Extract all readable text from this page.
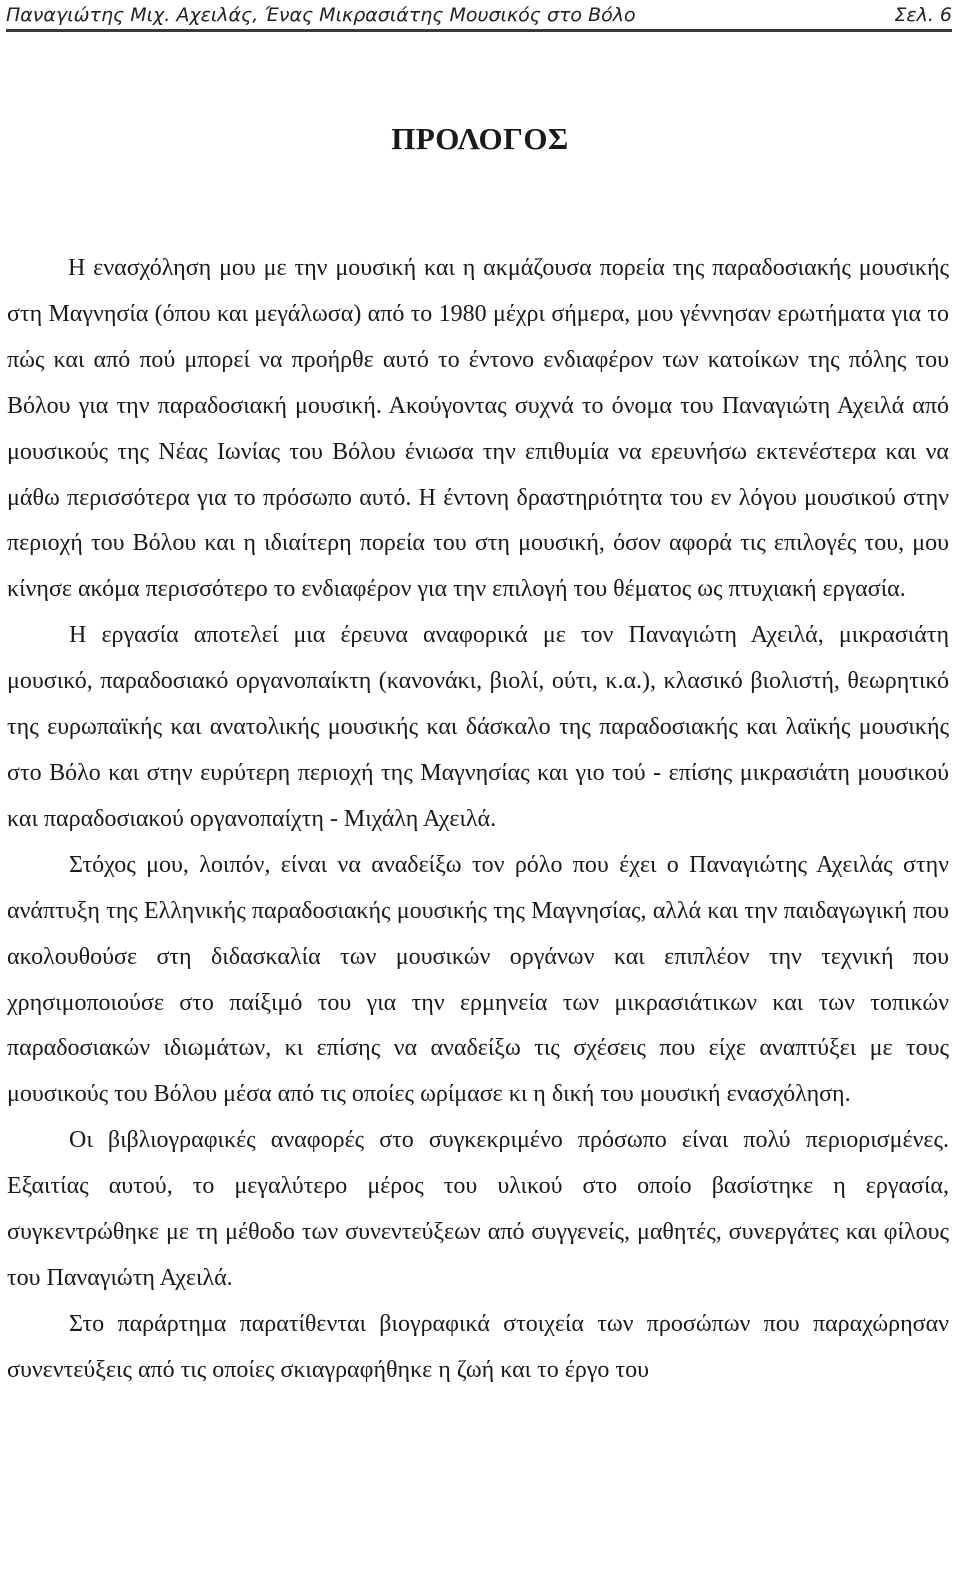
Παναγιώτης Μιχ. Αχειλάς, Ένας Μικρασιάτης Μουσικός στο Βόλο	Σελ. 6
ΠΡΟΛΟΓΟΣ

Η ενασχόληση μου με την μουσική και η ακμάζουσα πορεία της παραδοσιακής μουσικής στη Μαγνησία (όπου και μεγάλωσα) από το 1980 μέχρι σήμερα, μου γέννησαν ερωτήματα για το πώς και από πού μπορεί να προήρθε αυτό το έντονο ενδιαφέρον των κατοίκων της πόλης του Βόλου για την παραδοσιακή μουσική. Ακούγοντας συχνά το όνομα του Παναγιώτη Αχειλά από μουσικούς της Νέας Ιωνίας του Βόλου ένιωσα την επιθυμία να ερευνήσω εκτενέστερα και να μάθω περισσότερα για το πρόσωπο αυτό. Η έντονη δραστηριότητα του εν λόγου μουσικού στην περιοχή του Βόλου και η ιδιαίτερη πορεία του στη μουσική, όσον αφορά τις επιλογές του, μου κίνησε ακόμα περισσότερο το ενδιαφέρον για την επιλογή του θέματος ως πτυχιακή εργασία.

Η εργασία αποτελεί μια έρευνα αναφορικά με τον Παναγιώτη Αχειλά, μικρασιάτη μουσικό, παραδοσιακό οργανοπαίκτη (κανονάκι, βιολί, ούτι, κ.α.), κλασικό βιολιστή, θεωρητικό της ευρωπαϊκής και ανατολικής μουσικής και δάσκαλο της παραδοσιακής και λαϊκής μουσικής στο Βόλο και στην ευρύτερη περιοχή της Μαγνησίας και γιο τού - επίσης μικρασιάτη μουσικού και παραδοσιακού οργανοπαίχτη - Μιχάλη Αχειλά.

Στόχος μου, λοιπόν, είναι να αναδείξω τον ρόλο που έχει ο Παναγιώτης Αχειλάς στην ανάπτυξη της Ελληνικής παραδοσιακής μουσικής της Μαγνησίας, αλλά και την παιδαγωγική που ακολουθούσε στη διδασκαλία των μουσικών οργάνων και επιπλέον την τεχνική που χρησιμοποιούσε στο παίξιμό του για την ερμηνεία των μικρασιάτικων και των τοπικών παραδοσιακών ιδιωμάτων, κι επίσης να αναδείξω τις σχέσεις που είχε αναπτύξει με τους μουσικούς του Βόλου μέσα από τις οποίες ωρίμασε κι η δική του μουσική ενασχόληση.

Οι βιβλιογραφικές αναφορές στο συγκεκριμένο πρόσωπο είναι πολύ περιορισμένες. Εξαιτίας αυτού, το μεγαλύτερο μέρος του υλικού στο οποίο βασίστηκε η εργασία, συγκεντρώθηκε με τη μέθοδο των συνεντεύξεων από συγγενείς, μαθητές, συνεργάτες και φίλους του Παναγιώτη Αχειλά.

Στο παράρτημα παρατίθενται βιογραφικά στοιχεία των προσώπων που παραχώρησαν συνεντεύξεις από τις οποίες σκιαγραφήθηκε η ζωή και το έργο του
